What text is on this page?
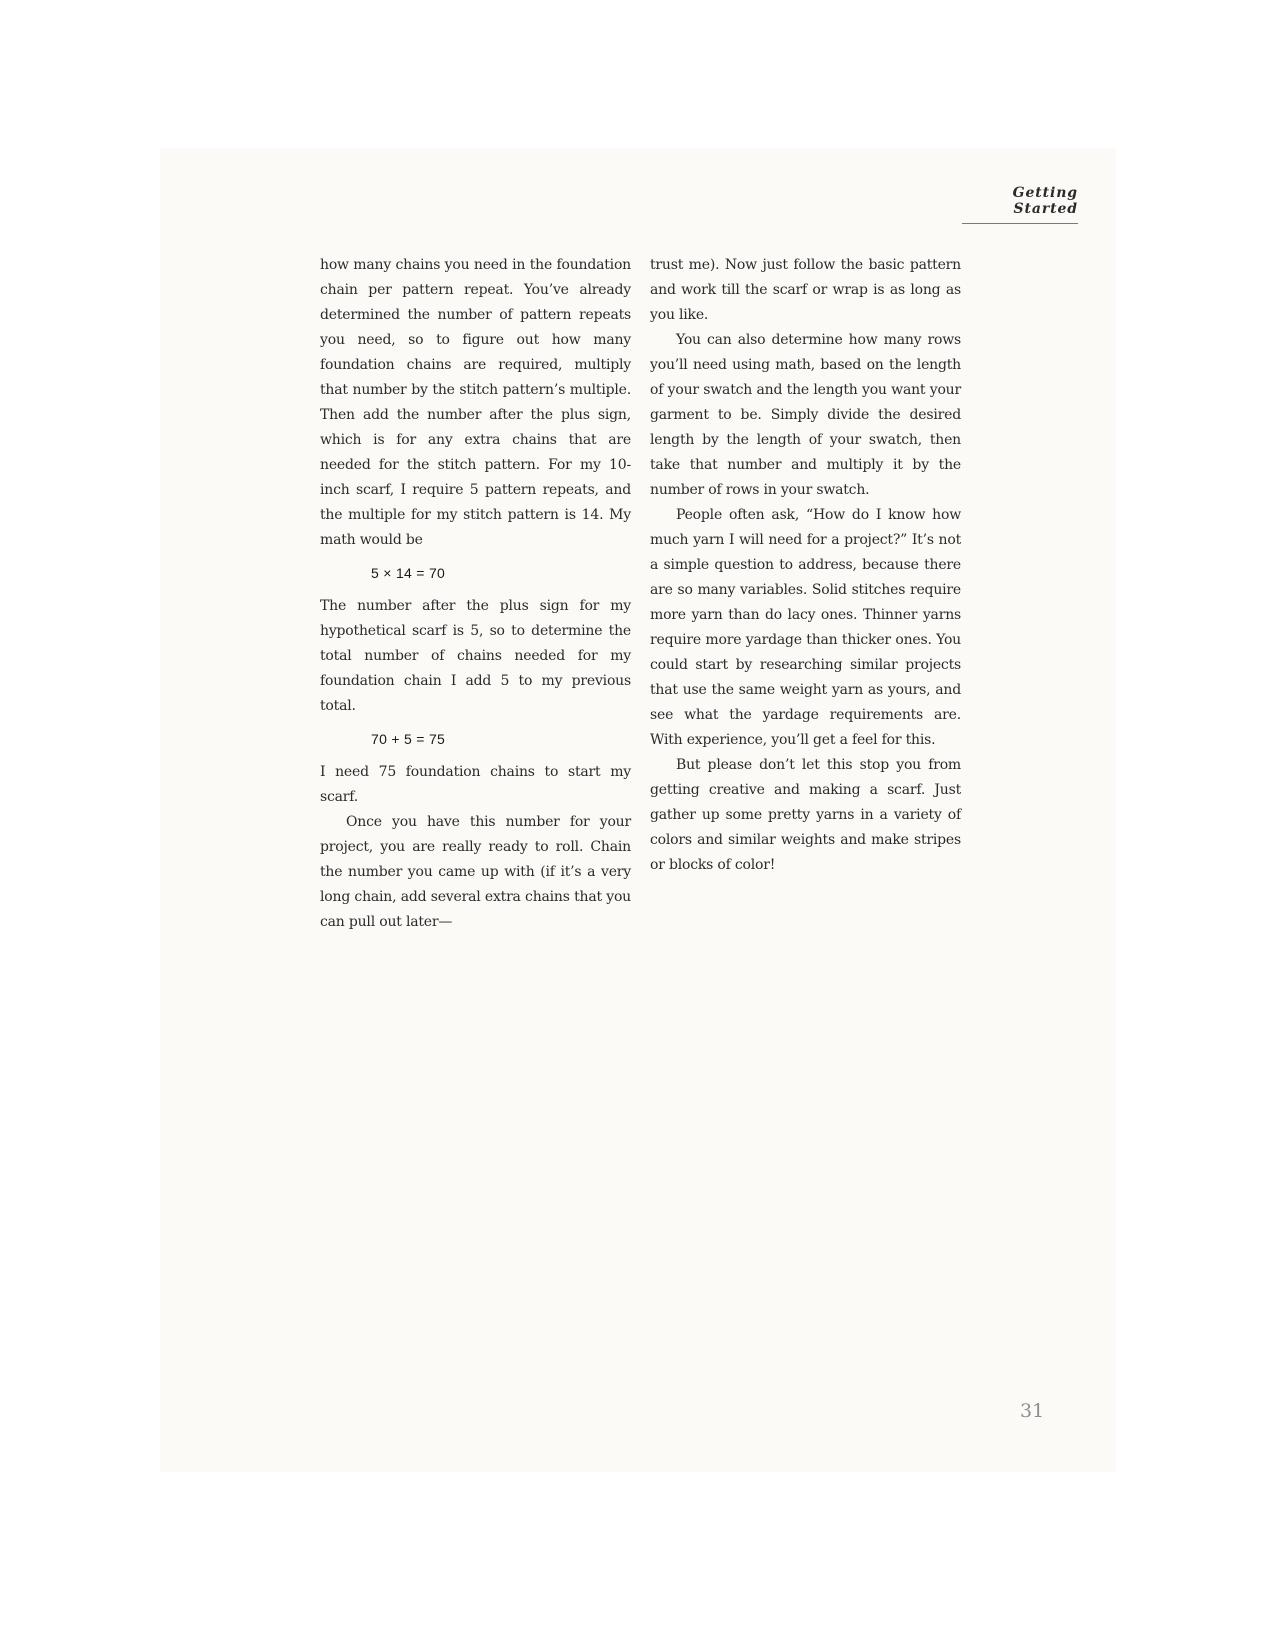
Getting Started

how many chains you need in the foundation chain per pattern repeat. You’ve already determined the number of pattern repeats you need, so to figure out how many foundation chains are required, multiply that number by the stitch pattern’s multiple. Then add the number after the plus sign, which is for any extra chains that are needed for the stitch pattern. For my 10-inch scarf, I require 5 pattern repeats, and the multiple for my stitch pattern is 14. My math would be

5 × 14 = 70

The number after the plus sign for my hypothetical scarf is 5, so to determine the total number of chains needed for my foundation chain I add 5 to my previous total.

70 + 5 = 75

I need 75 foundation chains to start my scarf.

Once you have this number for your project, you are really ready to roll. Chain the number you came up with (if it’s a very long chain, add several extra chains that you can pull out later—

trust me). Now just follow the basic pattern and work till the scarf or wrap is as long as you like.

You can also determine how many rows you’ll need using math, based on the length of your swatch and the length you want your garment to be. Simply divide the desired length by the length of your swatch, then take that number and multiply it by the number of rows in your swatch.

People often ask, “How do I know how much yarn I will need for a project?” It’s not a simple question to address, because there are so many variables. Solid stitches require more yarn than do lacy ones. Thinner yarns require more yardage than thicker ones. You could start by researching similar projects that use the same weight yarn as yours, and see what the yardage requirements are. With experience, you’ll get a feel for this.

But please don’t let this stop you from getting creative and making a scarf. Just gather up some pretty yarns in a variety of colors and similar weights and make stripes or blocks of color!

31
